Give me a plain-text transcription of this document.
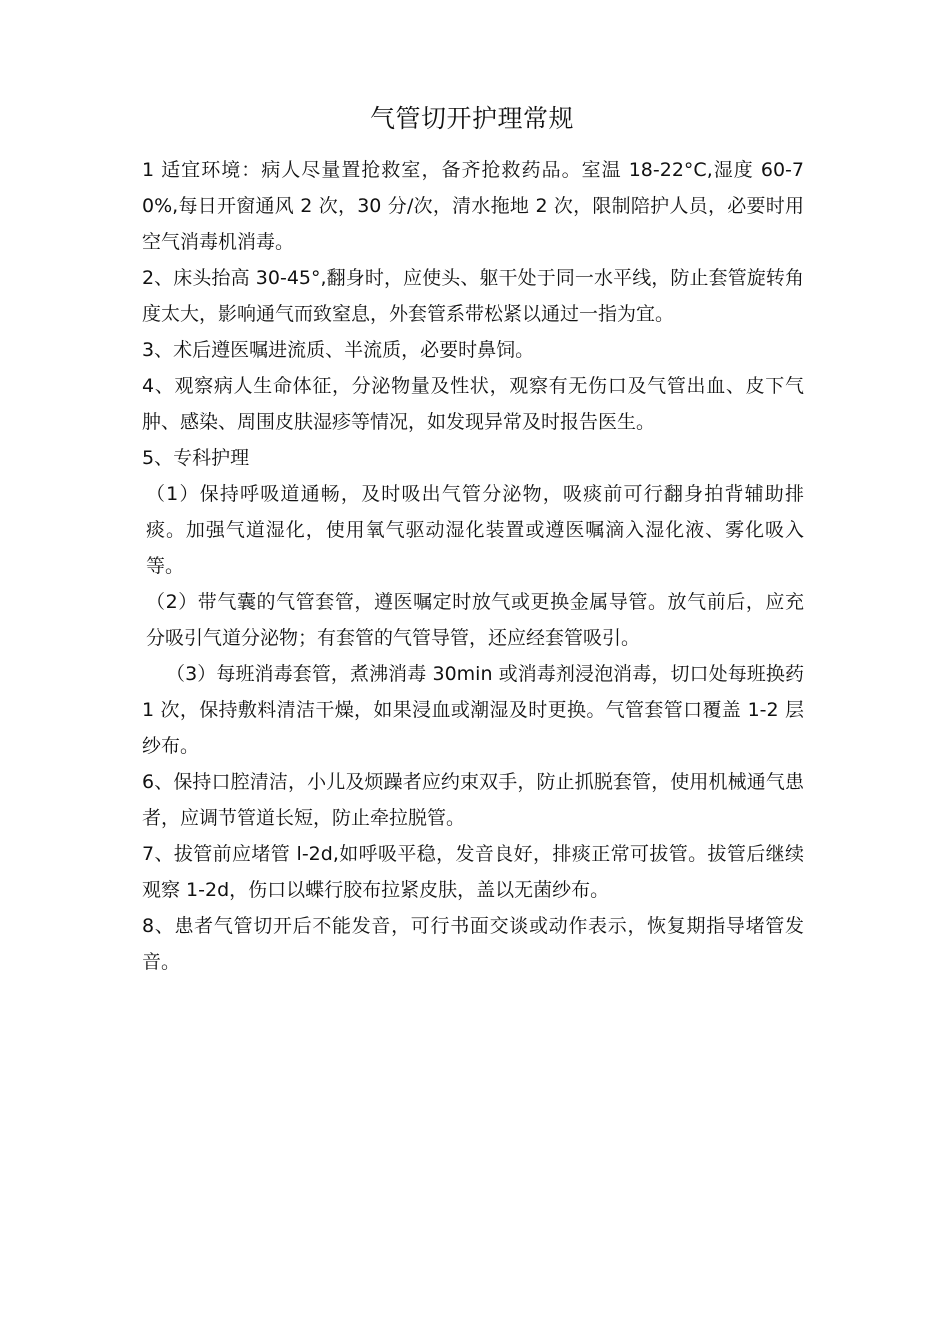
气管切开护理常规

1 适宜环境：病人尽量置抢救室，备齐抢救药品。室温 18-22°C,湿度 60-70%,每日开窗通风 2 次，30 分/次，清水拖地 2 次，限制陪护人员，必要时用空气消毒机消毒。

2、床头抬高 30-45°,翻身时，应使头、躯干处于同一水平线，防止套管旋转角度太大，影响通气而致窒息，外套管系带松紧以通过一指为宜。

3、术后遵医嘱进流质、半流质，必要时鼻饲。

4、观察病人生命体征，分泌物量及性状，观察有无伤口及气管出血、皮下气肿、感染、周围皮肤湿疹等情况，如发现异常及时报告医生。

5、专科护理

（1）保持呼吸道通畅，及时吸出气管分泌物，吸痰前可行翻身拍背辅助排痰。加强气道湿化，使用氧气驱动湿化装置或遵医嘱滴入湿化液、雾化吸入等。

（2）带气囊的气管套管，遵医嘱定时放气或更换金属导管。放气前后，应充分吸引气道分泌物；有套管的气管导管，还应经套管吸引。

（3）每班消毒套管，煮沸消毒 30min 或消毒剂浸泡消毒，切口处每班换药 1 次，保持敷料清洁干燥，如果浸血或潮湿及时更换。气管套管口覆盖 1-2 层纱布。

6、保持口腔清洁，小儿及烦躁者应约束双手，防止抓脱套管，使用机械通气患者，应调节管道长短，防止牵拉脱管。

7、拔管前应堵管 l-2d,如呼吸平稳，发音良好，排痰正常可拔管。拔管后继续观察 1-2d，伤口以蝶行胶布拉紧皮肤，盖以无菌纱布。

8、患者气管切开后不能发音，可行书面交谈或动作表示，恢复期指导堵管发音。
